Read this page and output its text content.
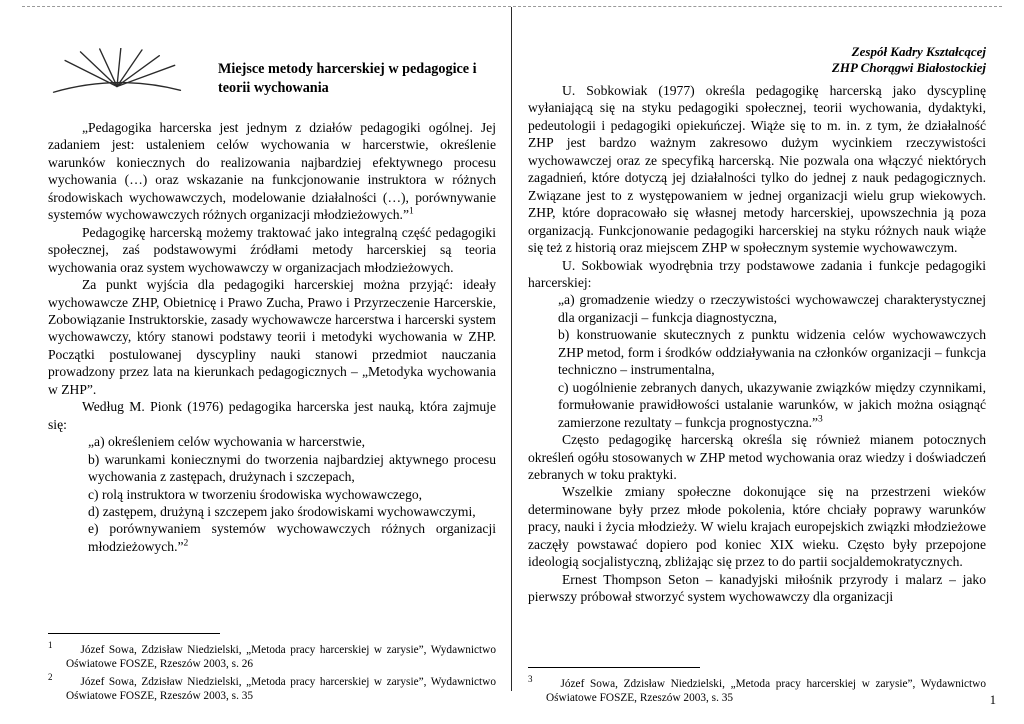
Miejsce metody harcerskiej w pedagogice i teorii wychowania

„Pedagogika harcerska jest jednym z działów pedagogiki ogólnej. Jej zadaniem jest: ustaleniem celów wychowania w harcerstwie, określenie warunków koniecznych do realizowania najbardziej efektywnego procesu wychowania (…) oraz wskazanie na funkcjonowanie instruktora w różnych środowiskach wychowawczych, modelowanie działalności (…), porównywanie systemów wychowawczych różnych organizacji młodzieżowych.”$^1$

Pedagogikę harcerską możemy traktować jako integralną część pedagogiki społecznej, zaś podstawowymi źródłami metody harcerskiej są teoria wychowania oraz system wychowawczy w organizacjach młodzieżowych.

Za punkt wyjścia dla pedagogiki harcerskiej można przyjąć: ideały wychowawcze ZHP, Obietnicę i Prawo Zucha, Prawo i Przyrzeczenie Harcerskie, Zobowiązanie Instruktorskie, zasady wychowawcze harcerstwa i harcerski system wychowawczy, który stanowi podstawy teorii i metodyki wychowania w ZHP. Początki postulowanej dyscypliny nauki stanowi przedmiot nauczania prowadzony przez lata na kierunkach pedagogicznych – „Metodyka wychowania w ZHP”.

Według M. Pionk (1976) pedagogika harcerska jest nauką, która zajmuje się:

„a) określeniem celów wychowania w harcerstwie,

b) warunkami koniecznymi do tworzenia najbardziej aktywnego procesu wychowania z zastępach, drużynach i szczepach,

c) rolą instruktora w tworzeniu środowiska wychowawczego,

d) zastępem, drużyną i szczepem jako środowiskami wychowawczymi,

e) porównywaniem systemów wychowawczych różnych organizacji młodzieżowych.”$^2$

Zespół Kadry Kształcącej
ZHP Chorągwi Białostockiej

U. Sobkowiak (1977) określa pedagogikę harcerską jako dyscyplinę wyłaniającą się na styku pedagogiki społecznej, teorii wychowania, dydaktyki, pedeutologii i pedagogiki opiekuńczej. Wiąże się to m. in. z tym, że działalność ZHP jest bardzo ważnym zakresowo dużym wycinkiem rzeczywistości wychowawczej oraz ze specyfiką harcerską. Nie pozwala ona włączyć niektórych zagadnień, które dotyczą jej działalności tylko do jednej z nauk pedagogicznych. Związane jest to z występowaniem w jednej organizacji wielu grup wiekowych. ZHP, które dopracowało się własnej metody harcerskiej, upowszechnia ją poza organizacją. Funkcjonowanie pedagogiki harcerskiej na styku różnych nauk wiąże się też z historią oraz miejscem ZHP w społecznym systemie wychowawczym.

U. Sokbowiak wyodrębnia trzy podstawowe zadania i funkcje pedagogiki harcerskiej:

„a) gromadzenie wiedzy o rzeczywistości wychowawczej charakterystycznej dla organizacji – funkcja diagnostyczna,

b) konstruowanie skutecznych z punktu widzenia celów wychowawczych ZHP metod, form i środków oddziaływania na członków organizacji – funkcja techniczno – instrumentalna,

c) uogólnienie zebranych danych, ukazywanie związków między czynnikami, formułowanie prawidłowości ustalanie warunków, w jakich można osiągnąć zamierzone rezultaty – funkcja prognostyczna.”$^3$

Często pedagogikę harcerską określa się również mianem potocznych określeń ogółu stosowanych w ZHP metod wychowania oraz wiedzy i doświadczeń zebranych w toku praktyki.

Wszelkie zmiany społeczne dokonujące się na przestrzeni wieków determinowane były przez młode pokolenia, które chciały poprawy warunków pracy, nauki i życia młodzieży. W wielu krajach europejskich związki młodzieżowe zaczęły powstawać dopiero pod koniec XIX wieku. Często były przepojone ideologią socjalistyczną, zbliżając się przez to do partii socjaldemokratycznych.

Ernest Thompson Seton – kanadyjski miłośnik przyrody i malarz – jako pierwszy próbował stworzyć system wychowawczy dla organizacji

$^1$ Józef Sowa, Zdzisław Niedzielski, „Metoda pracy harcerskiej w zarysie”, Wydawnictwo Oświatowe FOSZE, Rzeszów 2003, s. 26

$^2$ Józef Sowa, Zdzisław Niedzielski, „Metoda pracy harcerskiej w zarysie”, Wydawnictwo Oświatowe FOSZE, Rzeszów 2003, s. 35

$^3$ Józef Sowa, Zdzisław Niedzielski, „Metoda pracy harcerskiej w zarysie”, Wydawnictwo Oświatowe FOSZE, Rzeszów 2003, s. 35	1
